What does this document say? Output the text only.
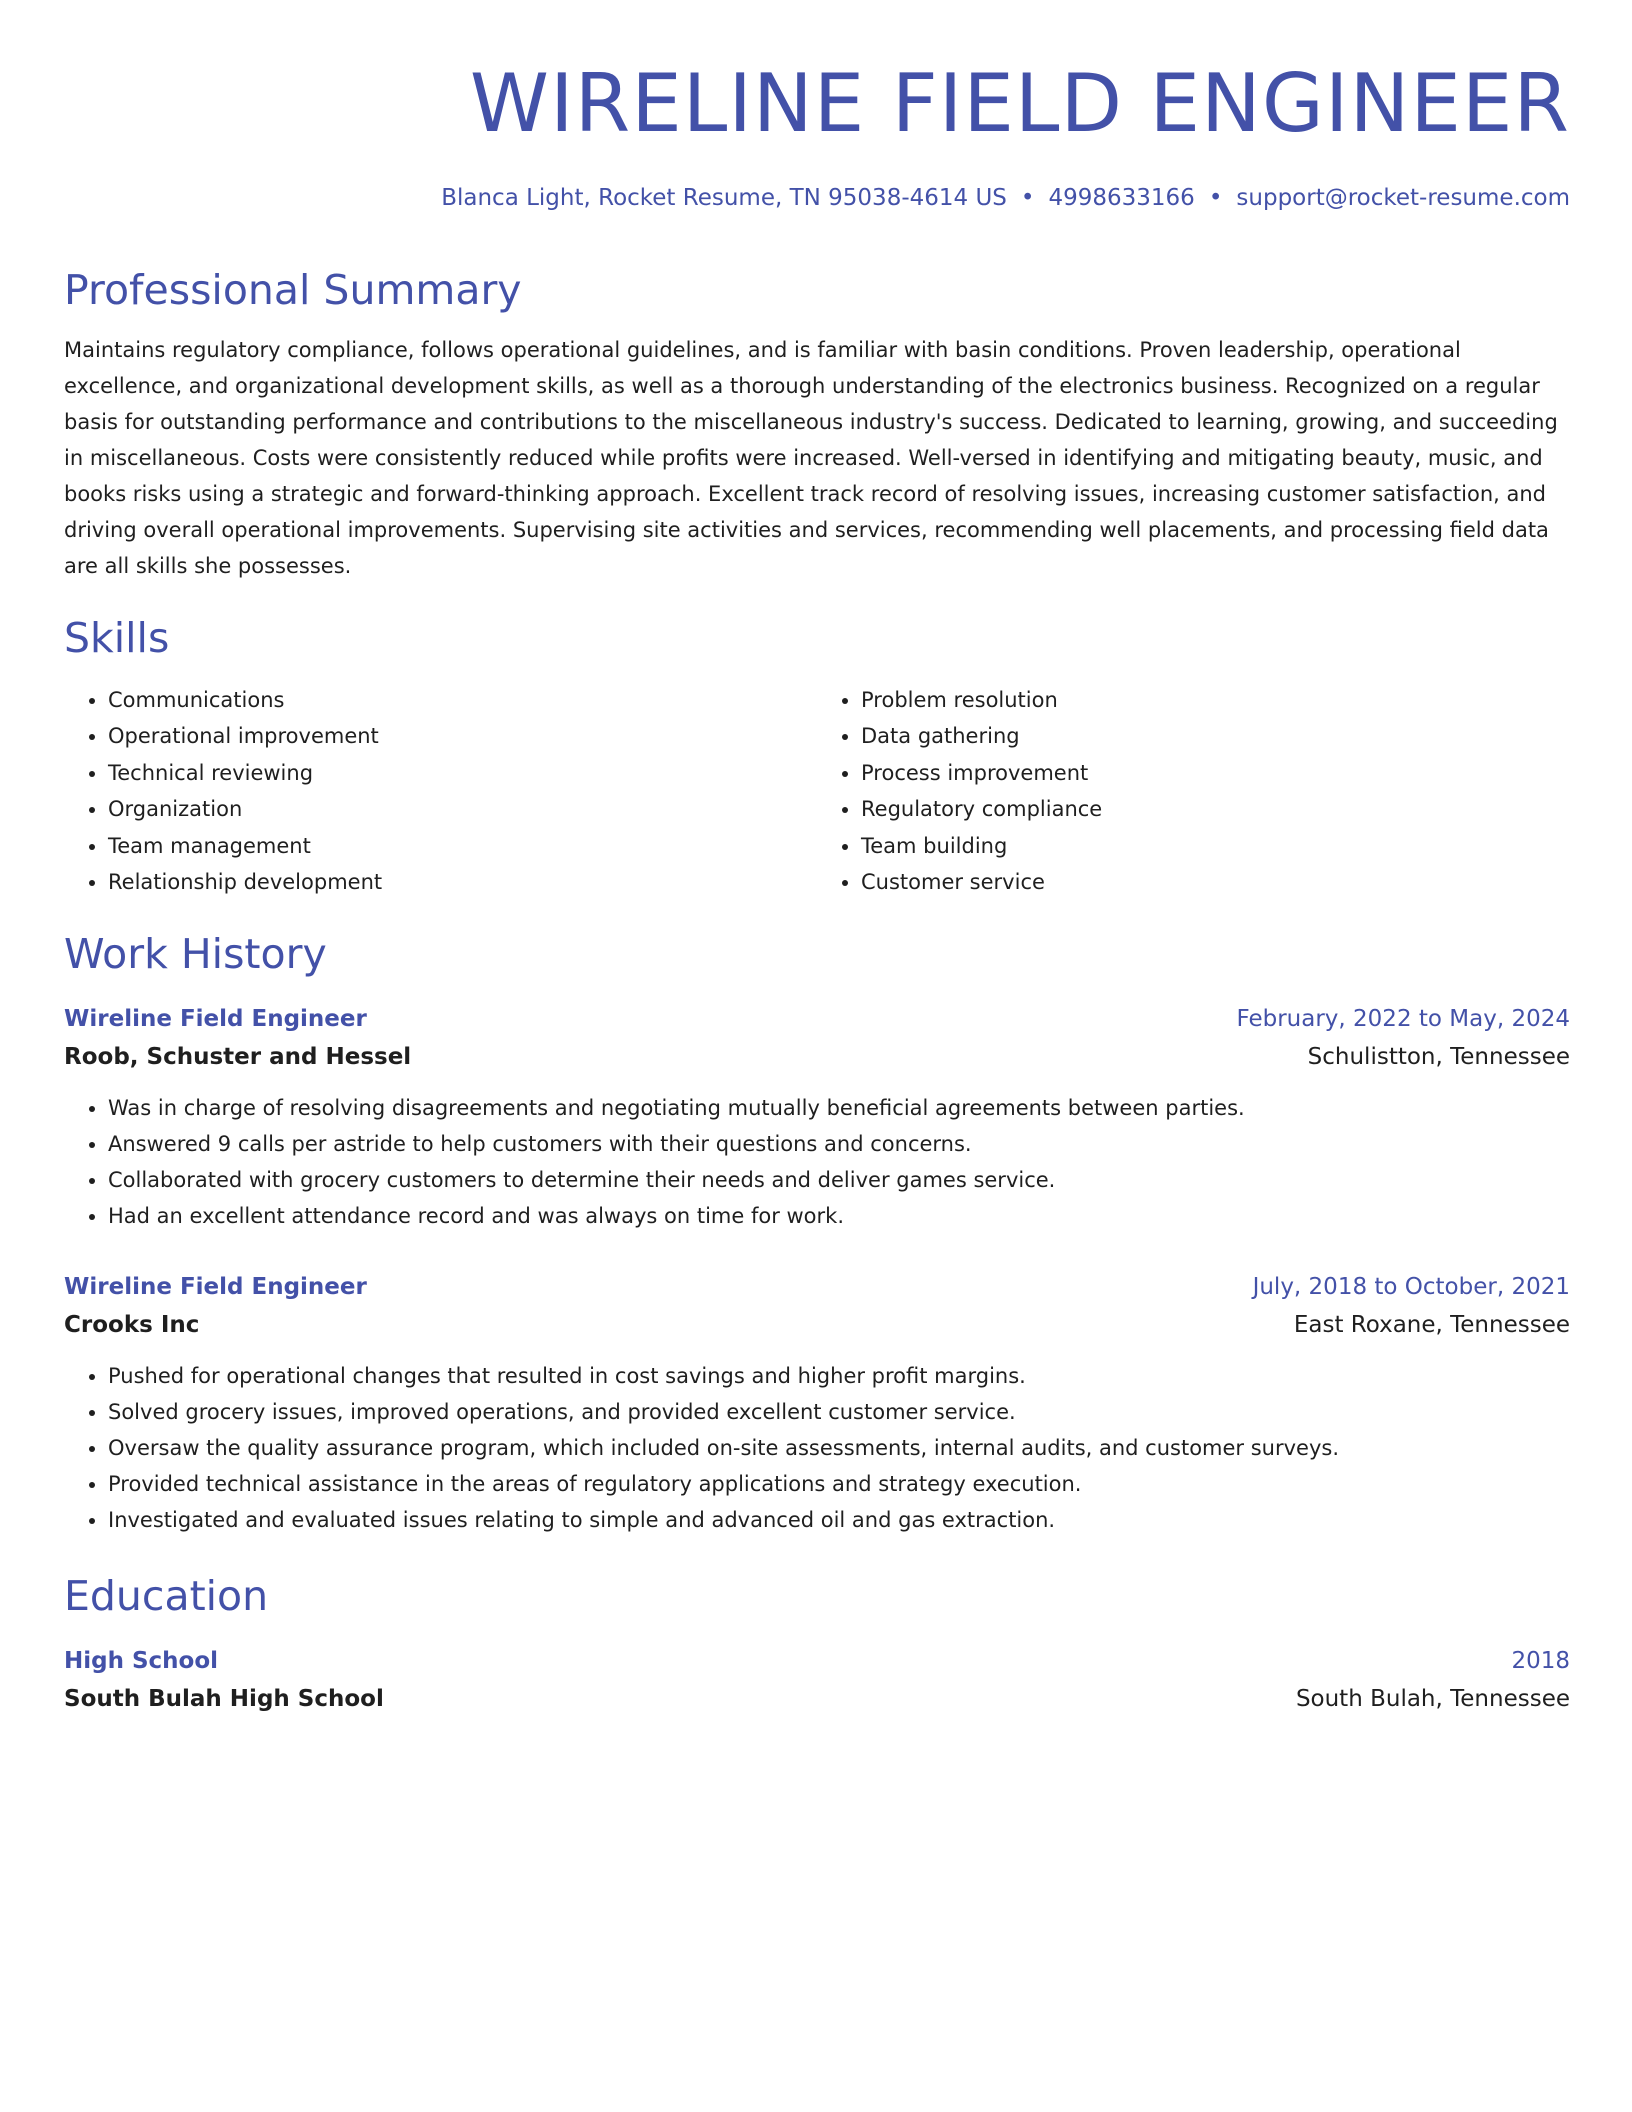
WIRELINE FIELD ENGINEER
Blanca Light, Rocket Resume, TN 95038-4614 US • 4998633166 • support@rocket-resume.com
Professional Summary

Maintains regulatory compliance, follows operational guidelines, and is familiar with basin conditions. Proven leadership, operational excellence, and organizational development skills, as well as a thorough understanding of the electronics business. Recognized on a regular basis for outstanding performance and contributions to the miscellaneous industry's success. Dedicated to learning, growing, and succeeding in miscellaneous. Costs were consistently reduced while profits were increased. Well-versed in identifying and mitigating beauty, music, and books risks using a strategic and forward-thinking approach. Excellent track record of resolving issues, increasing customer satisfaction, and driving overall operational improvements. Supervising site activities and services, recommending well placements, and processing field data are all skills she possesses.

Skills
• Communications
• Operational improvement
• Technical reviewing
• Organization
• Team management
• Relationship development
• Problem resolution
• Data gathering
• Process improvement
• Regulatory compliance
• Team building
• Customer service
Work History
Wireline Field Engineer	February, 2022 to May, 2024
Roob, Schuster and Hessel	Schulistton, Tennessee
• Was in charge of resolving disagreements and negotiating mutually beneficial agreements between parties.
• Answered 9 calls per astride to help customers with their questions and concerns.
• Collaborated with grocery customers to determine their needs and deliver games service.
• Had an excellent attendance record and was always on time for work.
Wireline Field Engineer	July, 2018 to October, 2021
Crooks Inc	East Roxane, Tennessee
• Pushed for operational changes that resulted in cost savings and higher profit margins.
• Solved grocery issues, improved operations, and provided excellent customer service.
• Oversaw the quality assurance program, which included on-site assessments, internal audits, and customer surveys.
• Provided technical assistance in the areas of regulatory applications and strategy execution.
• Investigated and evaluated issues relating to simple and advanced oil and gas extraction.
Education
High School	2018
South Bulah High School	South Bulah, Tennessee
